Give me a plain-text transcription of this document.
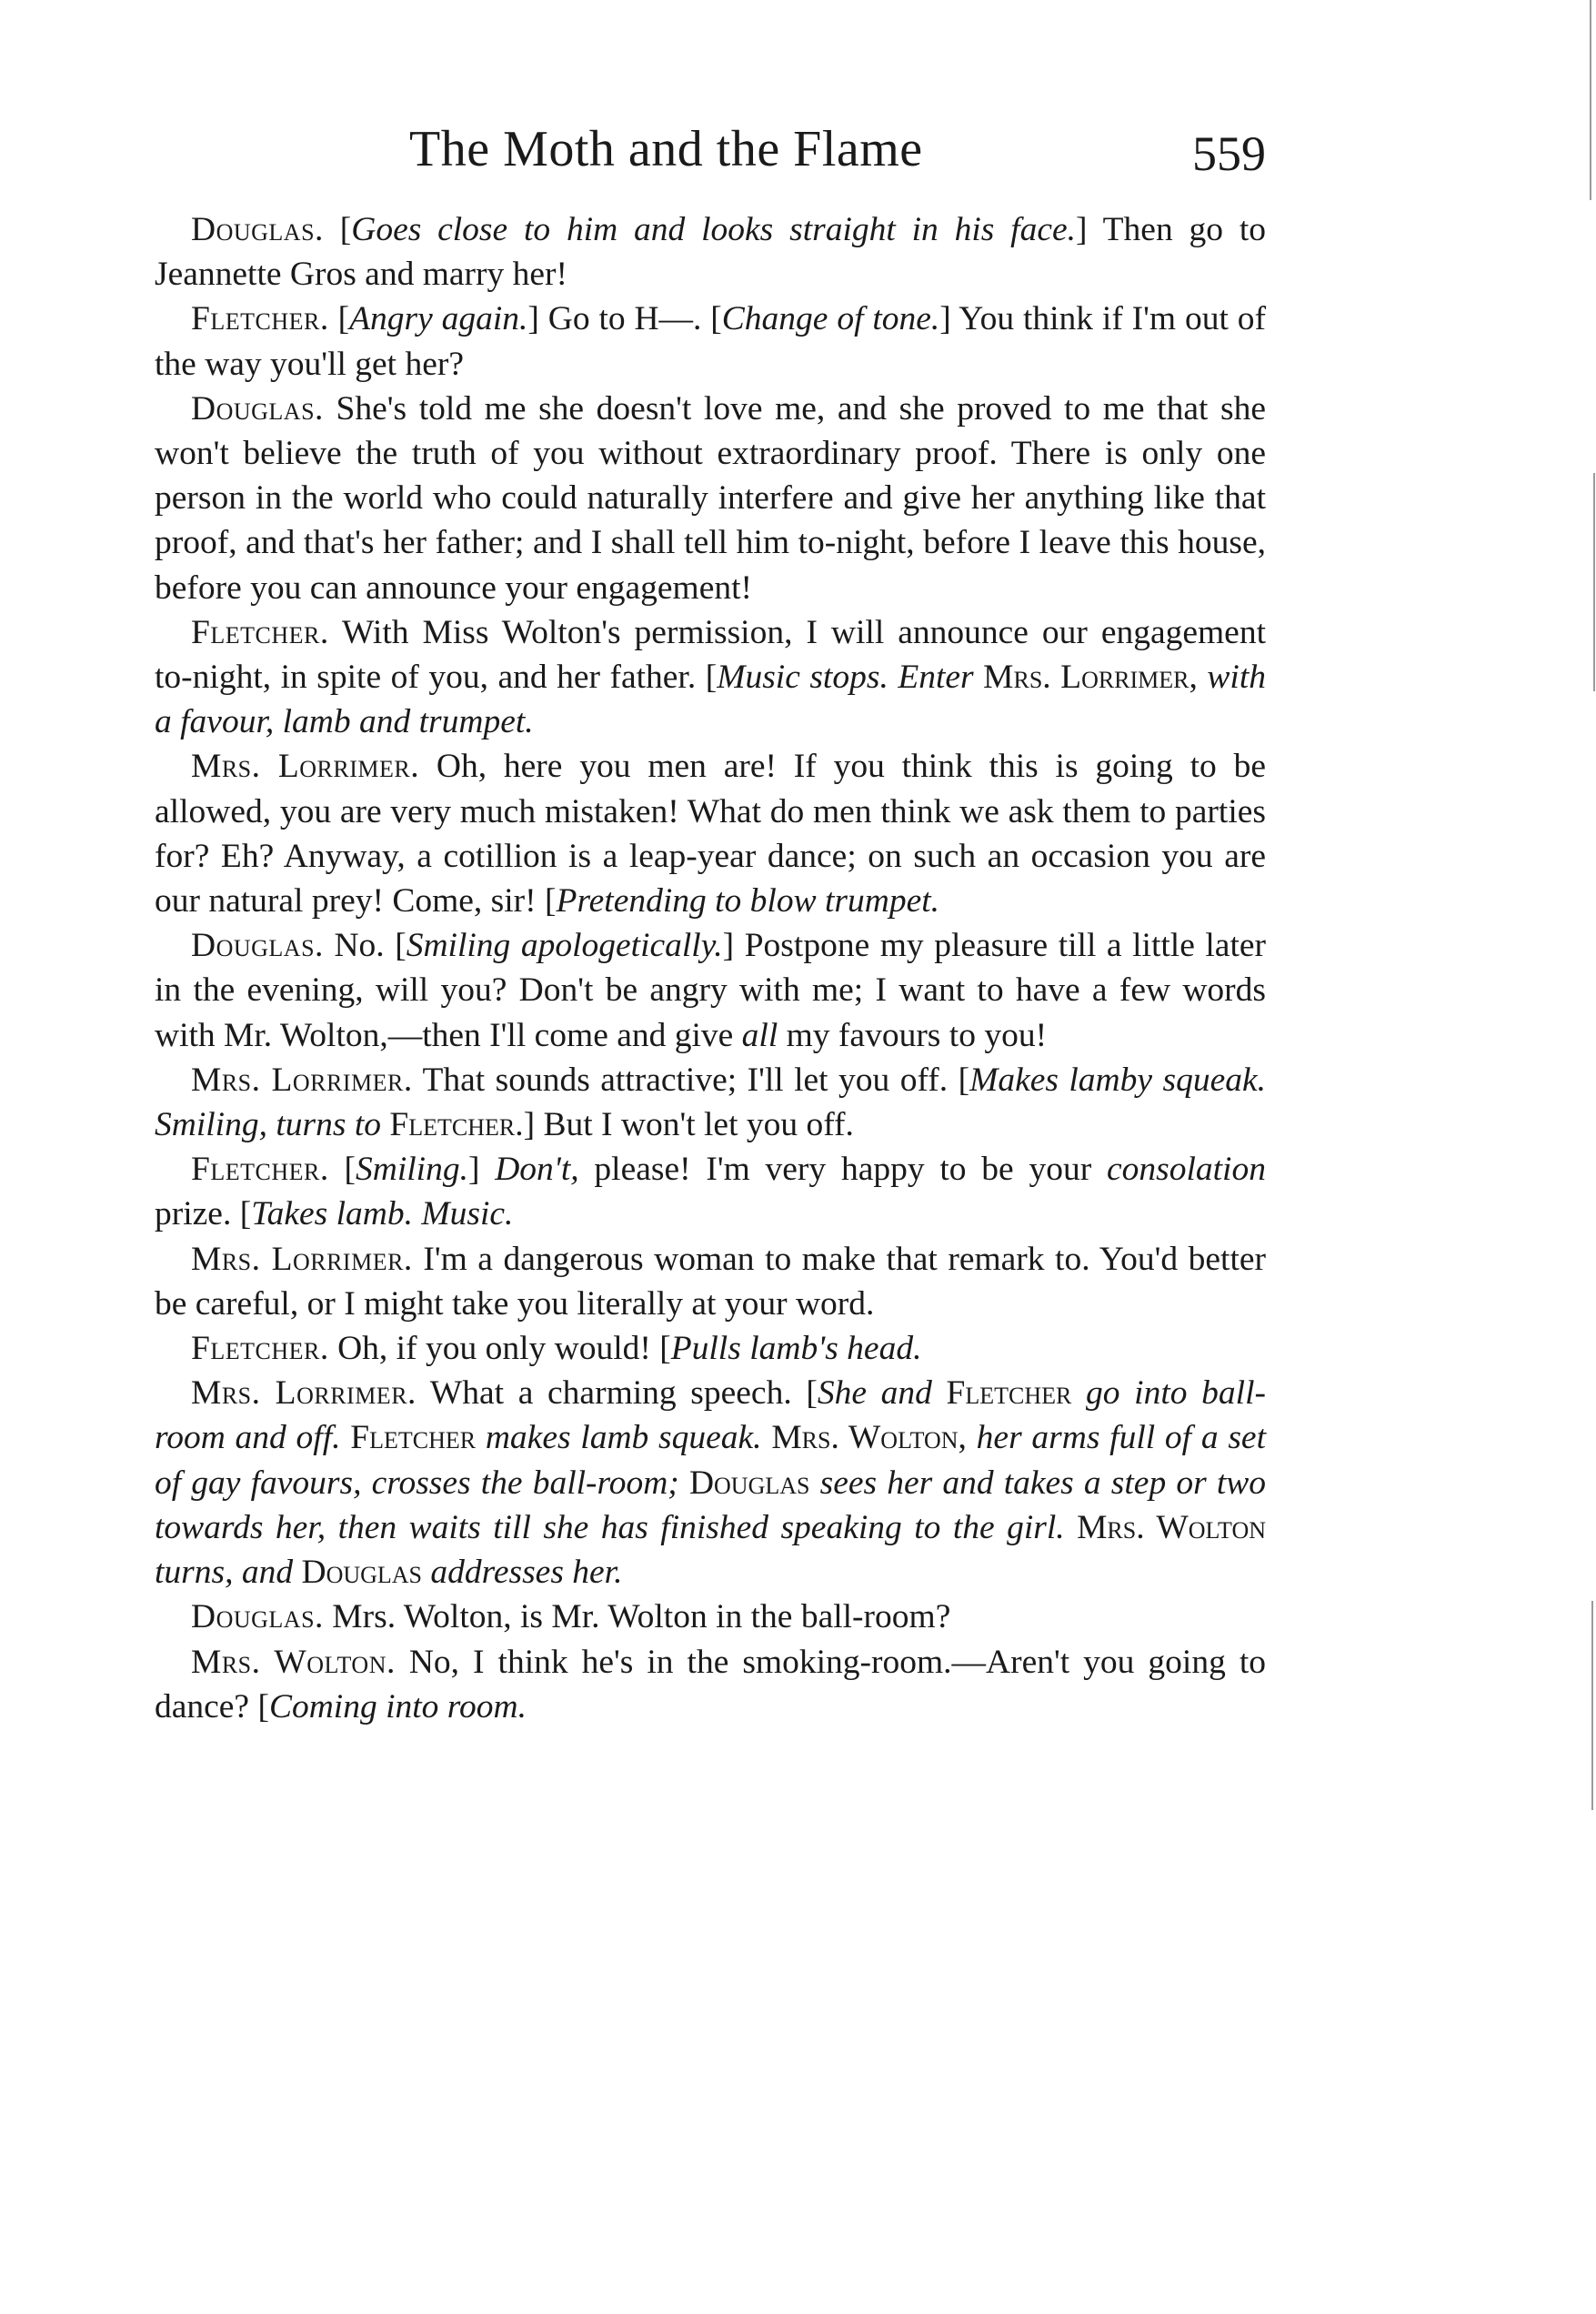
The Moth and the Flame	559

Douglas. [Goes close to him and looks straight in his face.] Then go to Jeannette Gros and marry her!

Fletcher. [Angry again.] Go to H—. [Change of tone.] You think if I'm out of the way you'll get her?

Douglas. She's told me she doesn't love me, and she proved to me that she won't believe the truth of you without extraordinary proof. There is only one person in the world who could naturally interfere and give her anything like that proof, and that's her father; and I shall tell him to-night, before I leave this house, before you can announce your engagement!

Fletcher. With Miss Wolton's permission, I will announce our engagement to-night, in spite of you, and her father. [Music stops. Enter Mrs. Lorrimer, with a favour, lamb and trumpet.

Mrs. Lorrimer. Oh, here you men are! If you think this is going to be allowed, you are very much mistaken! What do men think we ask them to parties for? Eh? Anyway, a cotillion is a leap-year dance; on such an occasion you are our natural prey! Come, sir! [Pretending to blow trumpet.

Douglas. No. [Smiling apologetically.] Postpone my pleasure till a little later in the evening, will you? Don't be angry with me; I want to have a few words with Mr. Wolton,—then I'll come and give all my favours to you!

Mrs. Lorrimer. That sounds attractive; I'll let you off. [Makes lamby squeak. Smiling, turns to Fletcher.] But I won't let you off.

Fletcher. [Smiling.] Don't, please! I'm very happy to be your consolation prize. [Takes lamb. Music.

Mrs. Lorrimer. I'm a dangerous woman to make that remark to. You'd better be careful, or I might take you literally at your word.

Fletcher. Oh, if you only would! [Pulls lamb's head.

Mrs. Lorrimer. What a charming speech. [She and Fletcher go into ball-room and off. Fletcher makes lamb squeak. Mrs. Wolton, her arms full of a set of gay favours, crosses the ball-room; Douglas sees her and takes a step or two towards her, then waits till she has finished speaking to the girl. Mrs. Wolton turns, and Douglas addresses her.

Douglas. Mrs. Wolton, is Mr. Wolton in the ball-room?

Mrs. Wolton. No, I think he's in the smoking-room.—Aren't you going to dance? [Coming into room.
